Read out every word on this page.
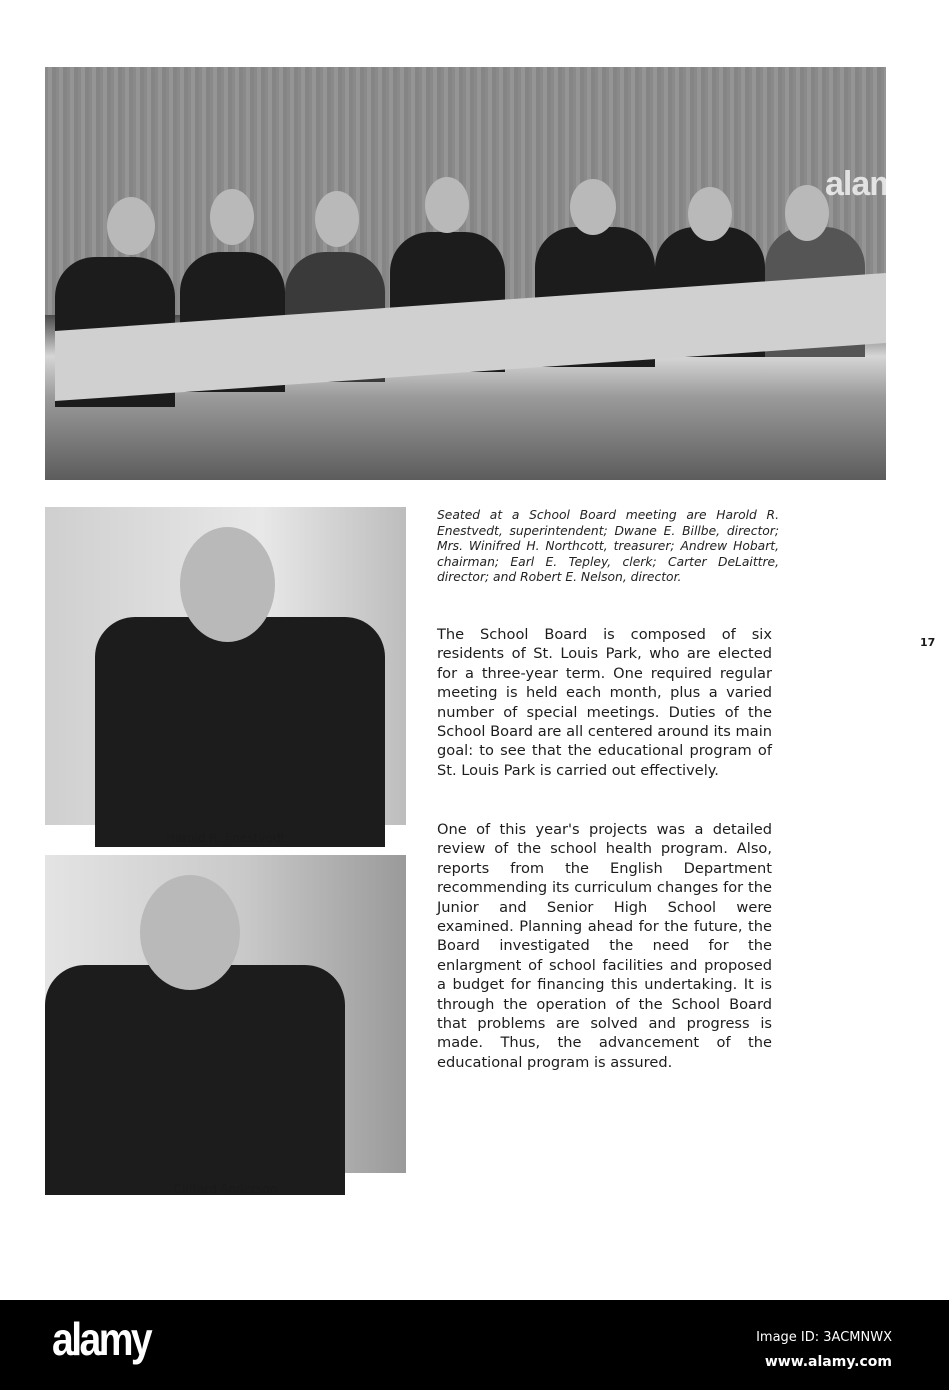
alamy
Harold R. Enestvedt
Clifford Anderson
Seated at a School Board meeting are Harold R. Enestvedt, superintendent; Dwane E. Billbe, director; Mrs. Winifred H. Northcott, treasurer; Andrew Hobart, chairman; Earl E. Tepley, clerk; Carter DeLaittre, director; and Robert E. Nelson, director.
The School Board is composed of six residents of St. Louis Park, who are elected for a three-year term. One required regular meeting is held each month, plus a varied number of special meetings. Duties of the School Board are all centered around its main goal: to see that the educational program of St. Louis Park is carried out effectively.
One of this year's projects was a detailed review of the school health program. Also, reports from the English Department recommending its curriculum changes for the Junior and Senior High School were examined. Planning ahead for the future, the Board investigated the need for the enlargment of school facilities and proposed a budget for financing this undertaking. It is through the operation of the School Board that problems are solved and progress is made. Thus, the advancement of the educational program is assured.
17
alamy	Image ID: 3ACMNWX
www.alamy.com
